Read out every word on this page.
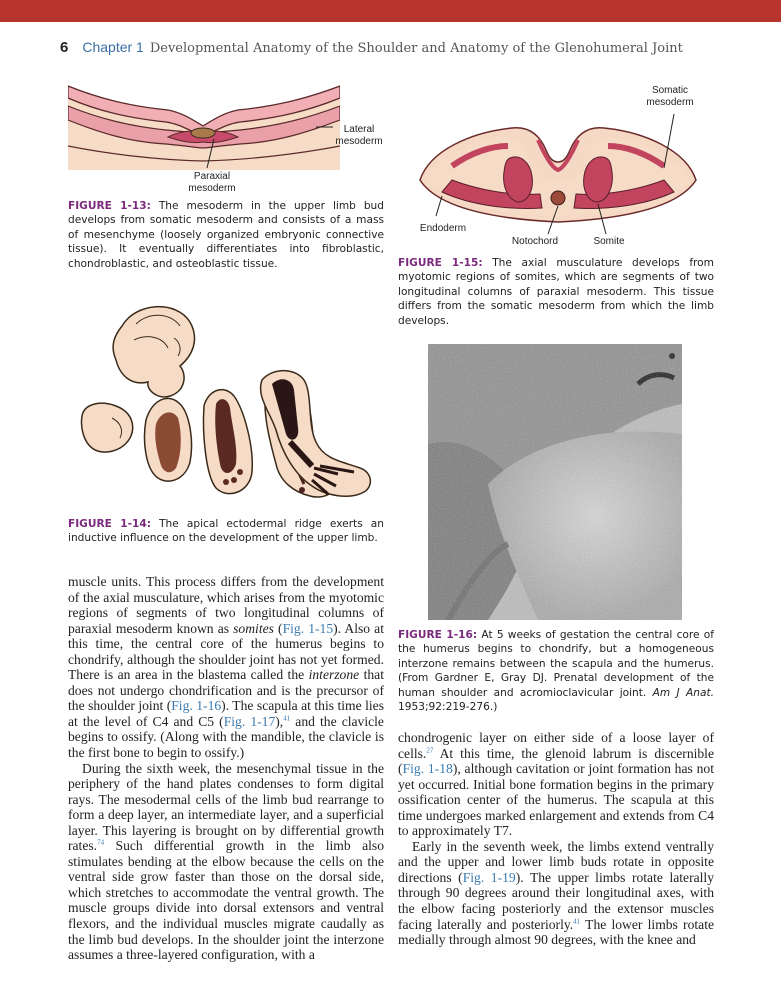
6 Chapter 1 Developmental Anatomy of the Shoulder and Anatomy of the Glenohumeral Joint
Lateral
mesoderm
Paraxial
mesoderm
FIGURE 1-13: The mesoderm in the upper limb bud develops from somatic mesoderm and consists of a mass of mesenchyme (loosely organized embryonic connective tissue). It eventually differentiates into fibroblastic, chondroblastic, and osteoblastic tissue.
Somatic
mesoderm
Endoderm
Notochord	Somite
FIGURE 1-15: The axial musculature develops from myotomic regions of somites, which are segments of two longitudinal columns of paraxial mesoderm. This tissue differs from the somatic mesoderm from which the limb develops.
FIGURE 1-14: The apical ectodermal ridge exerts an inductive influence on the development of the upper limb.
FIGURE 1-16: At 5 weeks of gestation the central core of the humerus begins to chondrify, but a homogeneous interzone remains between the scapula and the humerus. (From Gardner E, Gray DJ. Prenatal development of the human shoulder and acromioclavicular joint. Am J Anat. 1953;92:219-276.)

muscle units. This process differs from the development of the axial musculature, which arises from the myotomic regions of segments of two longitudinal columns of paraxial mesoderm known as somites (Fig. 1-15). Also at this time, the central core of the humerus begins to chondrify, although the shoulder joint has not yet formed. There is an area in the blastema called the interzone that does not undergo chondrification and is the precursor of the shoulder joint (Fig. 1-16). The scapula at this time lies at the level of C4 and C5 (Fig. 1-17),$^{41}$ and the clavicle begins to ossify. (Along with the mandible, the clavicle is the first bone to begin to ossify.)

During the sixth week, the mesenchymal tissue in the periphery of the hand plates condenses to form digital rays. The mesodermal cells of the limb bud rearrange to form a deep layer, an intermediate layer, and a superficial layer. This layering is brought on by differential growth rates.$^{74}$ Such differential growth in the limb also stimulates bending at the elbow because the cells on the ventral side grow faster than those on the dorsal side, which stretches to accommodate the ventral growth. The muscle groups divide into dorsal extensors and ventral flexors, and the individual muscles migrate caudally as the limb bud develops. In the shoulder joint the interzone assumes a three-layered configuration, with a

chondrogenic layer on either side of a loose layer of cells.$^{27}$ At this time, the glenoid labrum is discernible (Fig. 1-18), although cavitation or joint formation has not yet occurred. Initial bone formation begins in the primary ossification center of the humerus. The scapula at this time undergoes marked enlargement and extends from C4 to approximately T7.

Early in the seventh week, the limbs extend ventrally and the upper and lower limb buds rotate in opposite directions (Fig. 1-19). The upper limbs rotate laterally through 90 degrees around their longitudinal axes, with the elbow facing posteriorly and the extensor muscles facing laterally and posteriorly.$^{41}$ The lower limbs rotate medially through almost 90 degrees, with the knee and
